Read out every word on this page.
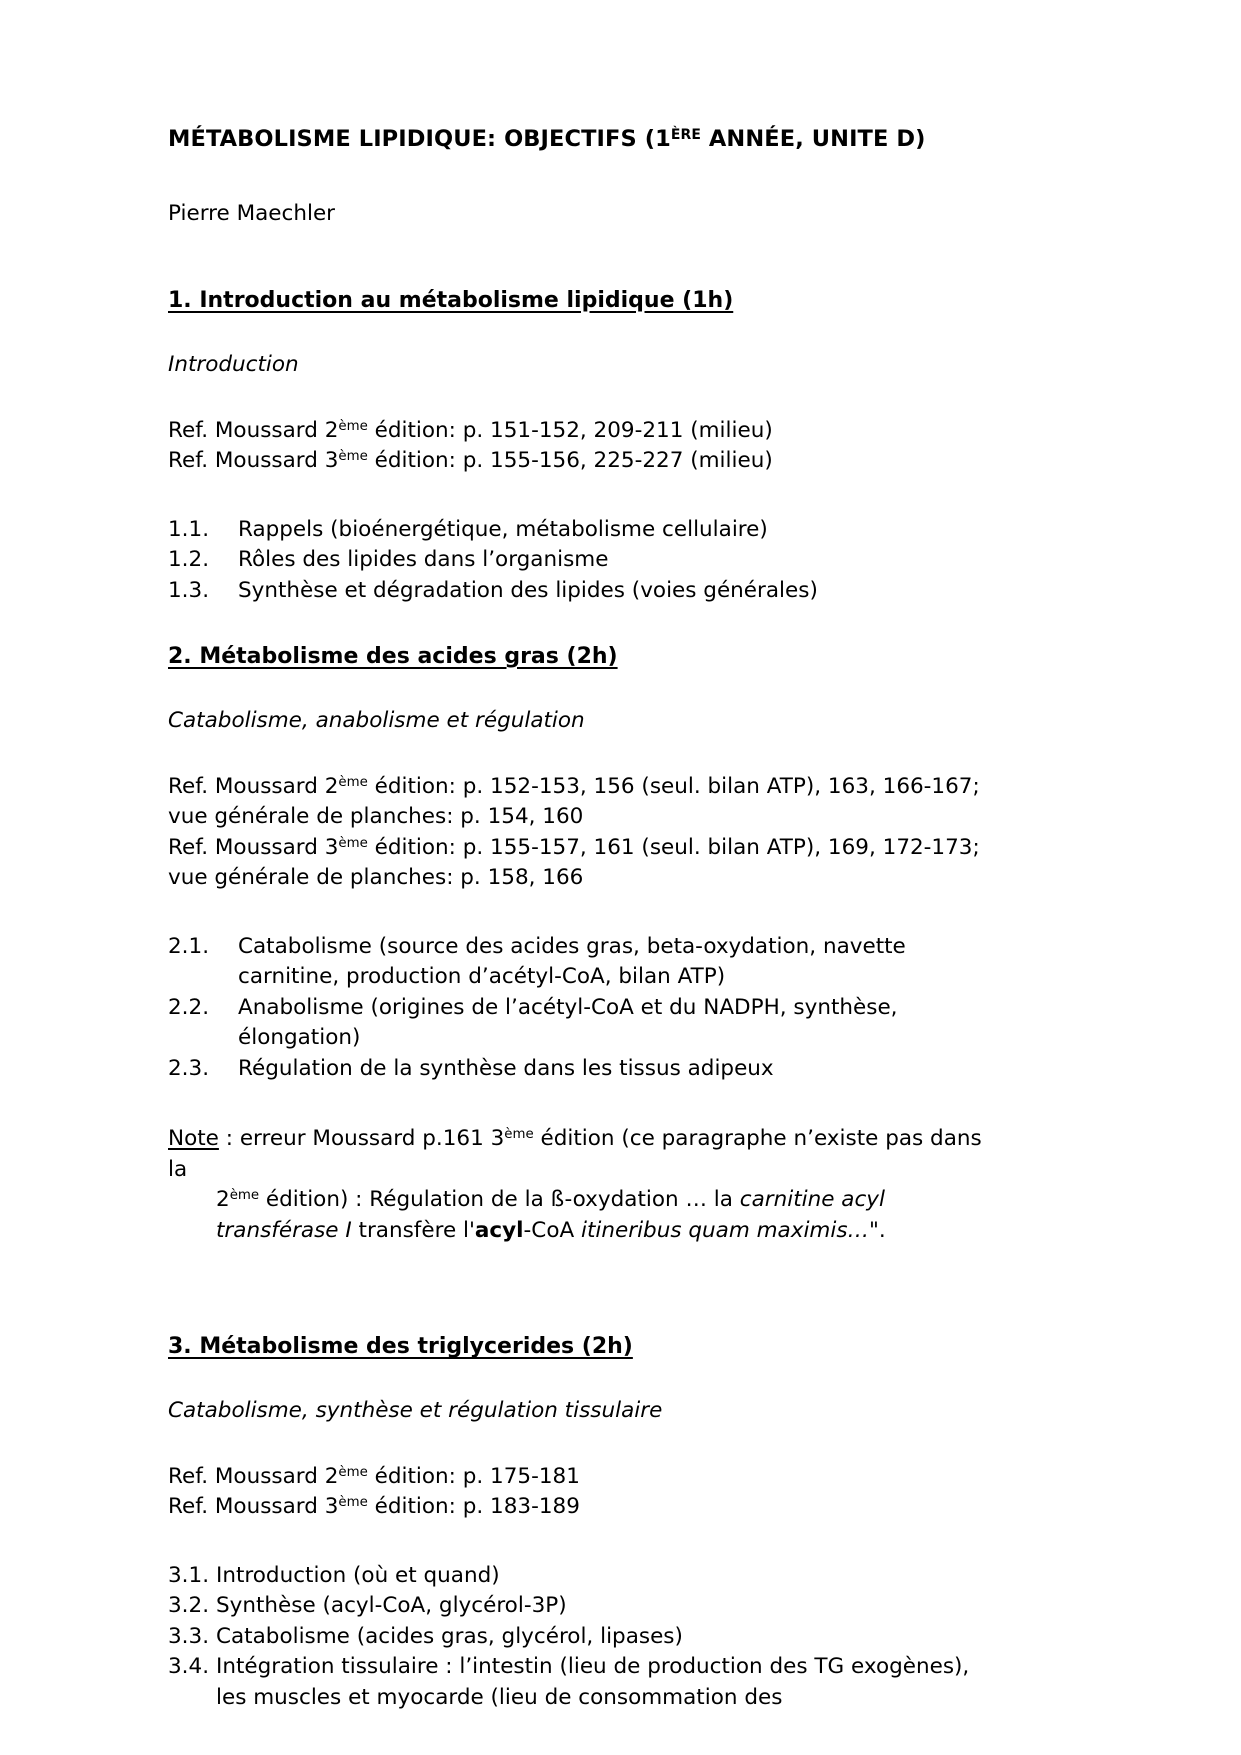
MÉTABOLISME LIPIDIQUE: OBJECTIFS (1ÈRE ANNÉE, UNITE D)

Pierre Maechler

1. Introduction au métabolisme lipidique (1h)

Introduction

Ref. Moussard 2ème édition: p. 151-152, 209-211 (milieu)
Ref. Moussard 3ème édition: p. 155-156, 225-227 (milieu)
1.1.	Rappels (bioénergétique, métabolisme cellulaire)
1.2.	Rôles des lipides dans l’organisme
1.3.	Synthèse et dégradation des lipides (voies générales)
2. Métabolisme des acides gras (2h)

Catabolisme, anabolisme et régulation

Ref. Moussard 2ème édition: p. 152-153, 156 (seul. bilan ATP), 163, 166-167; vue générale de planches: p. 154, 160
Ref. Moussard 3ème édition: p. 155-157, 161 (seul. bilan ATP), 169, 172-173; vue générale de planches: p. 158, 166
2.1.	Catabolisme (source des acides gras, beta-oxydation, navette carnitine, production d’acétyl-CoA, bilan ATP)
2.2.	Anabolisme (origines de l’acétyl-CoA et du NADPH, synthèse, élongation)
2.3.	Régulation de la synthèse dans les tissus adipeux
Note : erreur Moussard p.161 3ème édition (ce paragraphe n’existe pas dans la
2ème édition) : Régulation de la ß-oxydation … la carnitine acyl transférase I transfère l'acyl-CoA itineribus quam maximis…".
3. Métabolisme des triglycerides (2h)

Catabolisme, synthèse et régulation tissulaire

Ref. Moussard 2ème édition: p. 175-181
Ref. Moussard 3ème édition: p. 183-189
3.1. Introduction (où et quand)
3.2. Synthèse (acyl-CoA, glycérol-3P)
3.3. Catabolisme (acides gras, glycérol, lipases)
3.4. Intégration tissulaire : l’intestin (lieu de production des TG exogènes), les muscles et myocarde (lieu de consommation des
